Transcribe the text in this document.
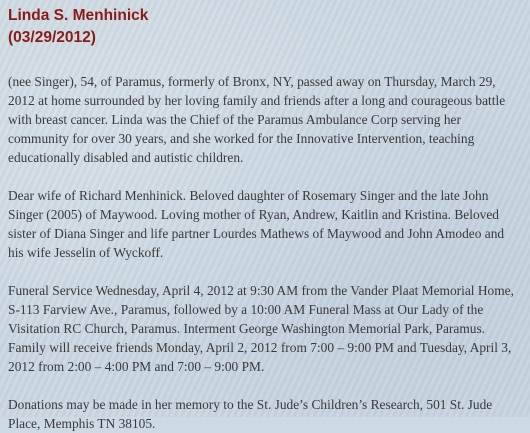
Linda S. Menhinick
(03/29/2012)

(nee Singer), 54, of Paramus, formerly of Bronx, NY, passed away on Thursday, March 29, 2012 at home surrounded by her loving family and friends after a long and courageous battle with breast cancer. Linda was the Chief of the Paramus Ambulance Corp serving her community for over 30 years, and she worked for the Innovative Intervention, teaching educationally disabled and autistic children.

Dear wife of Richard Menhinick. Beloved daughter of Rosemary Singer and the late John Singer (2005) of Maywood. Loving mother of Ryan, Andrew, Kaitlin and Kristina. Beloved sister of Diana Singer and life partner Lourdes Mathews of Maywood and John Amodeo and his wife Jesselin of Wyckoff.

Funeral Service Wednesday, April 4, 2012 at 9:30 AM from the Vander Plaat Memorial Home, S-113 Farview Ave., Paramus, followed by a 10:00 AM Funeral Mass at Our Lady of the Visitation RC Church, Paramus. Interment George Washington Memorial Park, Paramus. Family will receive friends Monday, April 2, 2012 from 7:00 – 9:00 PM and Tuesday, April 3, 2012 from 2:00 – 4:00 PM and 7:00 – 9:00 PM.

Donations may be made in her memory to the St. Jude’s Children’s Research, 501 St. Jude Place, Memphis TN 38105.
